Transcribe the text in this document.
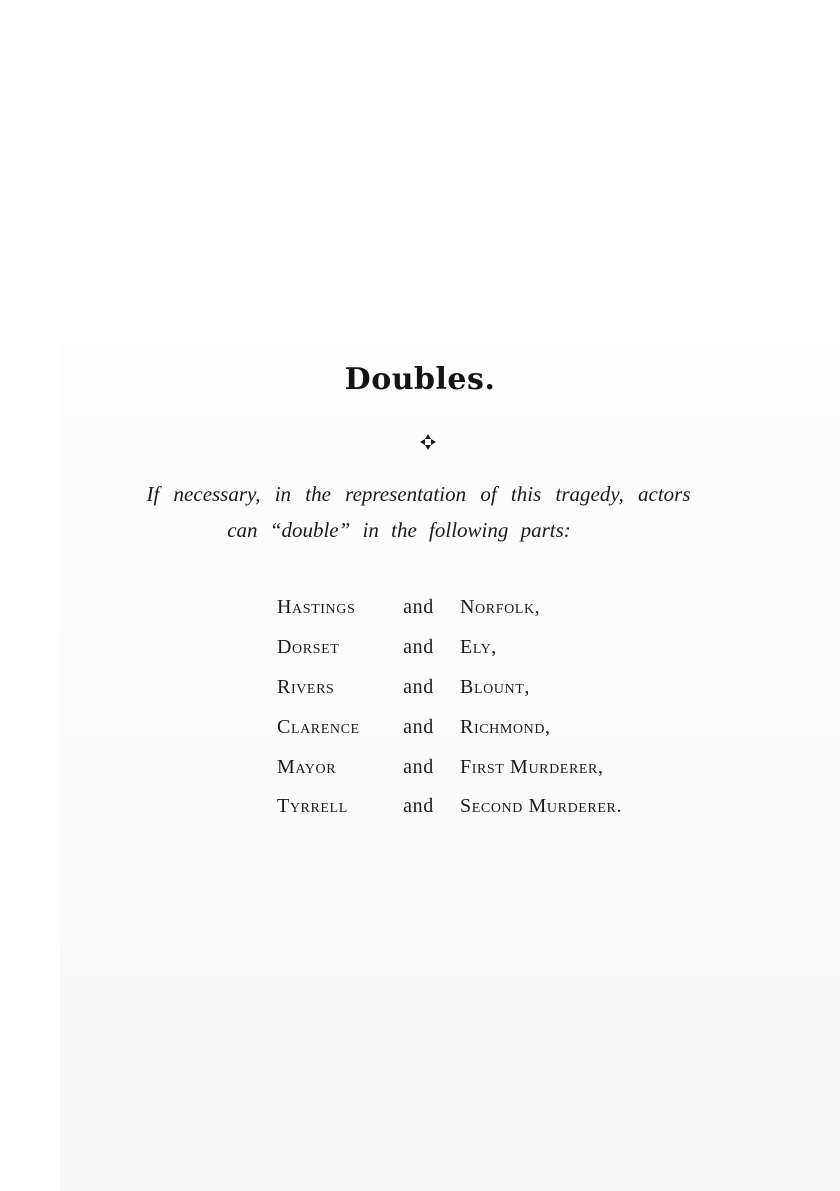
Doubles.

If necessary, in the representation of this tragedy, actors
can “double” in the following parts:

Hastings	and	Norfolk,
Dorset	and	Ely,
Rivers	and	Blount,
Clarence	and	Richmond,
Mayor	and	First Murderer,
Tyrrell	and	Second Murderer.
